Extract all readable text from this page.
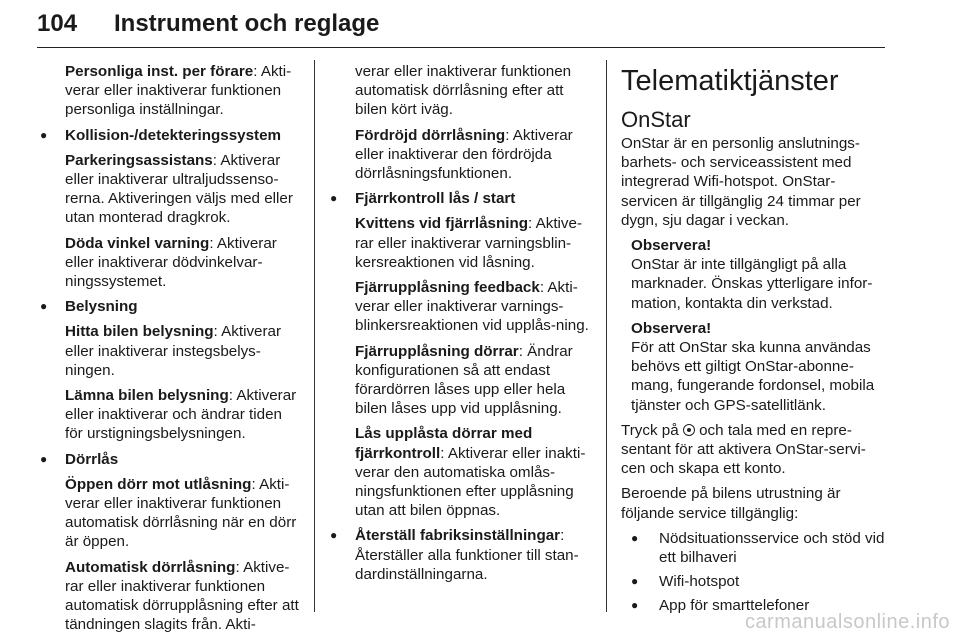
104 Instrument och reglage
Personliga inst. per förare: Akti-verar eller inaktiverar funktionen personliga inställningar.
● Kollision-/detekteringssystem
Parkeringsassistans: Aktiverar eller inaktiverar ultraljudssenso-rerna. Aktiveringen väljs med eller utan monterad dragkrok.
Döda vinkel varning: Aktiverar eller inaktiverar dödvinkelvar-ningssystemet.
● Belysning
Hitta bilen belysning: Aktiverar eller inaktiverar instegsbelys-ningen.
Lämna bilen belysning: Aktiverar eller inaktiverar och ändrar tiden för urstigningsbelysningen.
● Dörrlås
Öppen dörr mot utlåsning: Akti-verar eller inaktiverar funktionen automatisk dörrlåsning när en dörr är öppen.
Automatisk dörrlåsning: Aktive-rar eller inaktiverar funktionen automatisk dörrupplåsning efter att tändningen slagits från. Akti-
verar eller inaktiverar funktionen automatisk dörrlåsning efter att bilen kört iväg.
Fördröjd dörrlåsning: Aktiverar eller inaktiverar den fördröjda dörrlåsningsfunktionen.
● Fjärrkontroll lås / start
Kvittens vid fjärrlåsning: Aktive-rar eller inaktiverar varningsblin-kersreaktionen vid låsning.
Fjärrupplåsning feedback: Akti-verar eller inaktiverar varnings-blinkersreaktionen vid upplås-ning.
Fjärrupplåsning dörrar: Ändrar konfigurationen så att endast förardörren låses upp eller hela bilen låses upp vid upplåsning.
Lås upplåsta dörrar med fjärrkontroll: Aktiverar eller inakti-verar den automatiska omlås-ningsfunktionen efter upplåsning utan att bilen öppnas.
● Återställ fabriksinställningar: Återställer alla funktioner till stan-dardinställningarna.
Telematiktjänster
OnStar
OnStar är en personlig anslutnings-barhets- och serviceassistent med integrerad Wifi-hotspot. OnStar-servicen är tillgänglig 24 timmar per dygn, sju dagar i veckan.
Observera!
OnStar är inte tillgängligt på alla marknader. Önskas ytterligare infor-mation, kontakta din verkstad.
Observera!
För att OnStar ska kunna användas behövs ett giltigt OnStar-abonne-mang, fungerande fordonsel, mobila tjänster och GPS-satellitlänk.
Tryck på  och tala med en repre-sentant för att aktivera OnStar-servi-cen och skapa ett konto.
Beroende på bilens utrustning är följande service tillgänglig:
● Nödsituationsservice och stöd vid ett bilhaveri
● Wifi-hotspot
● App för smarttelefoner
carmanualsonline.info
